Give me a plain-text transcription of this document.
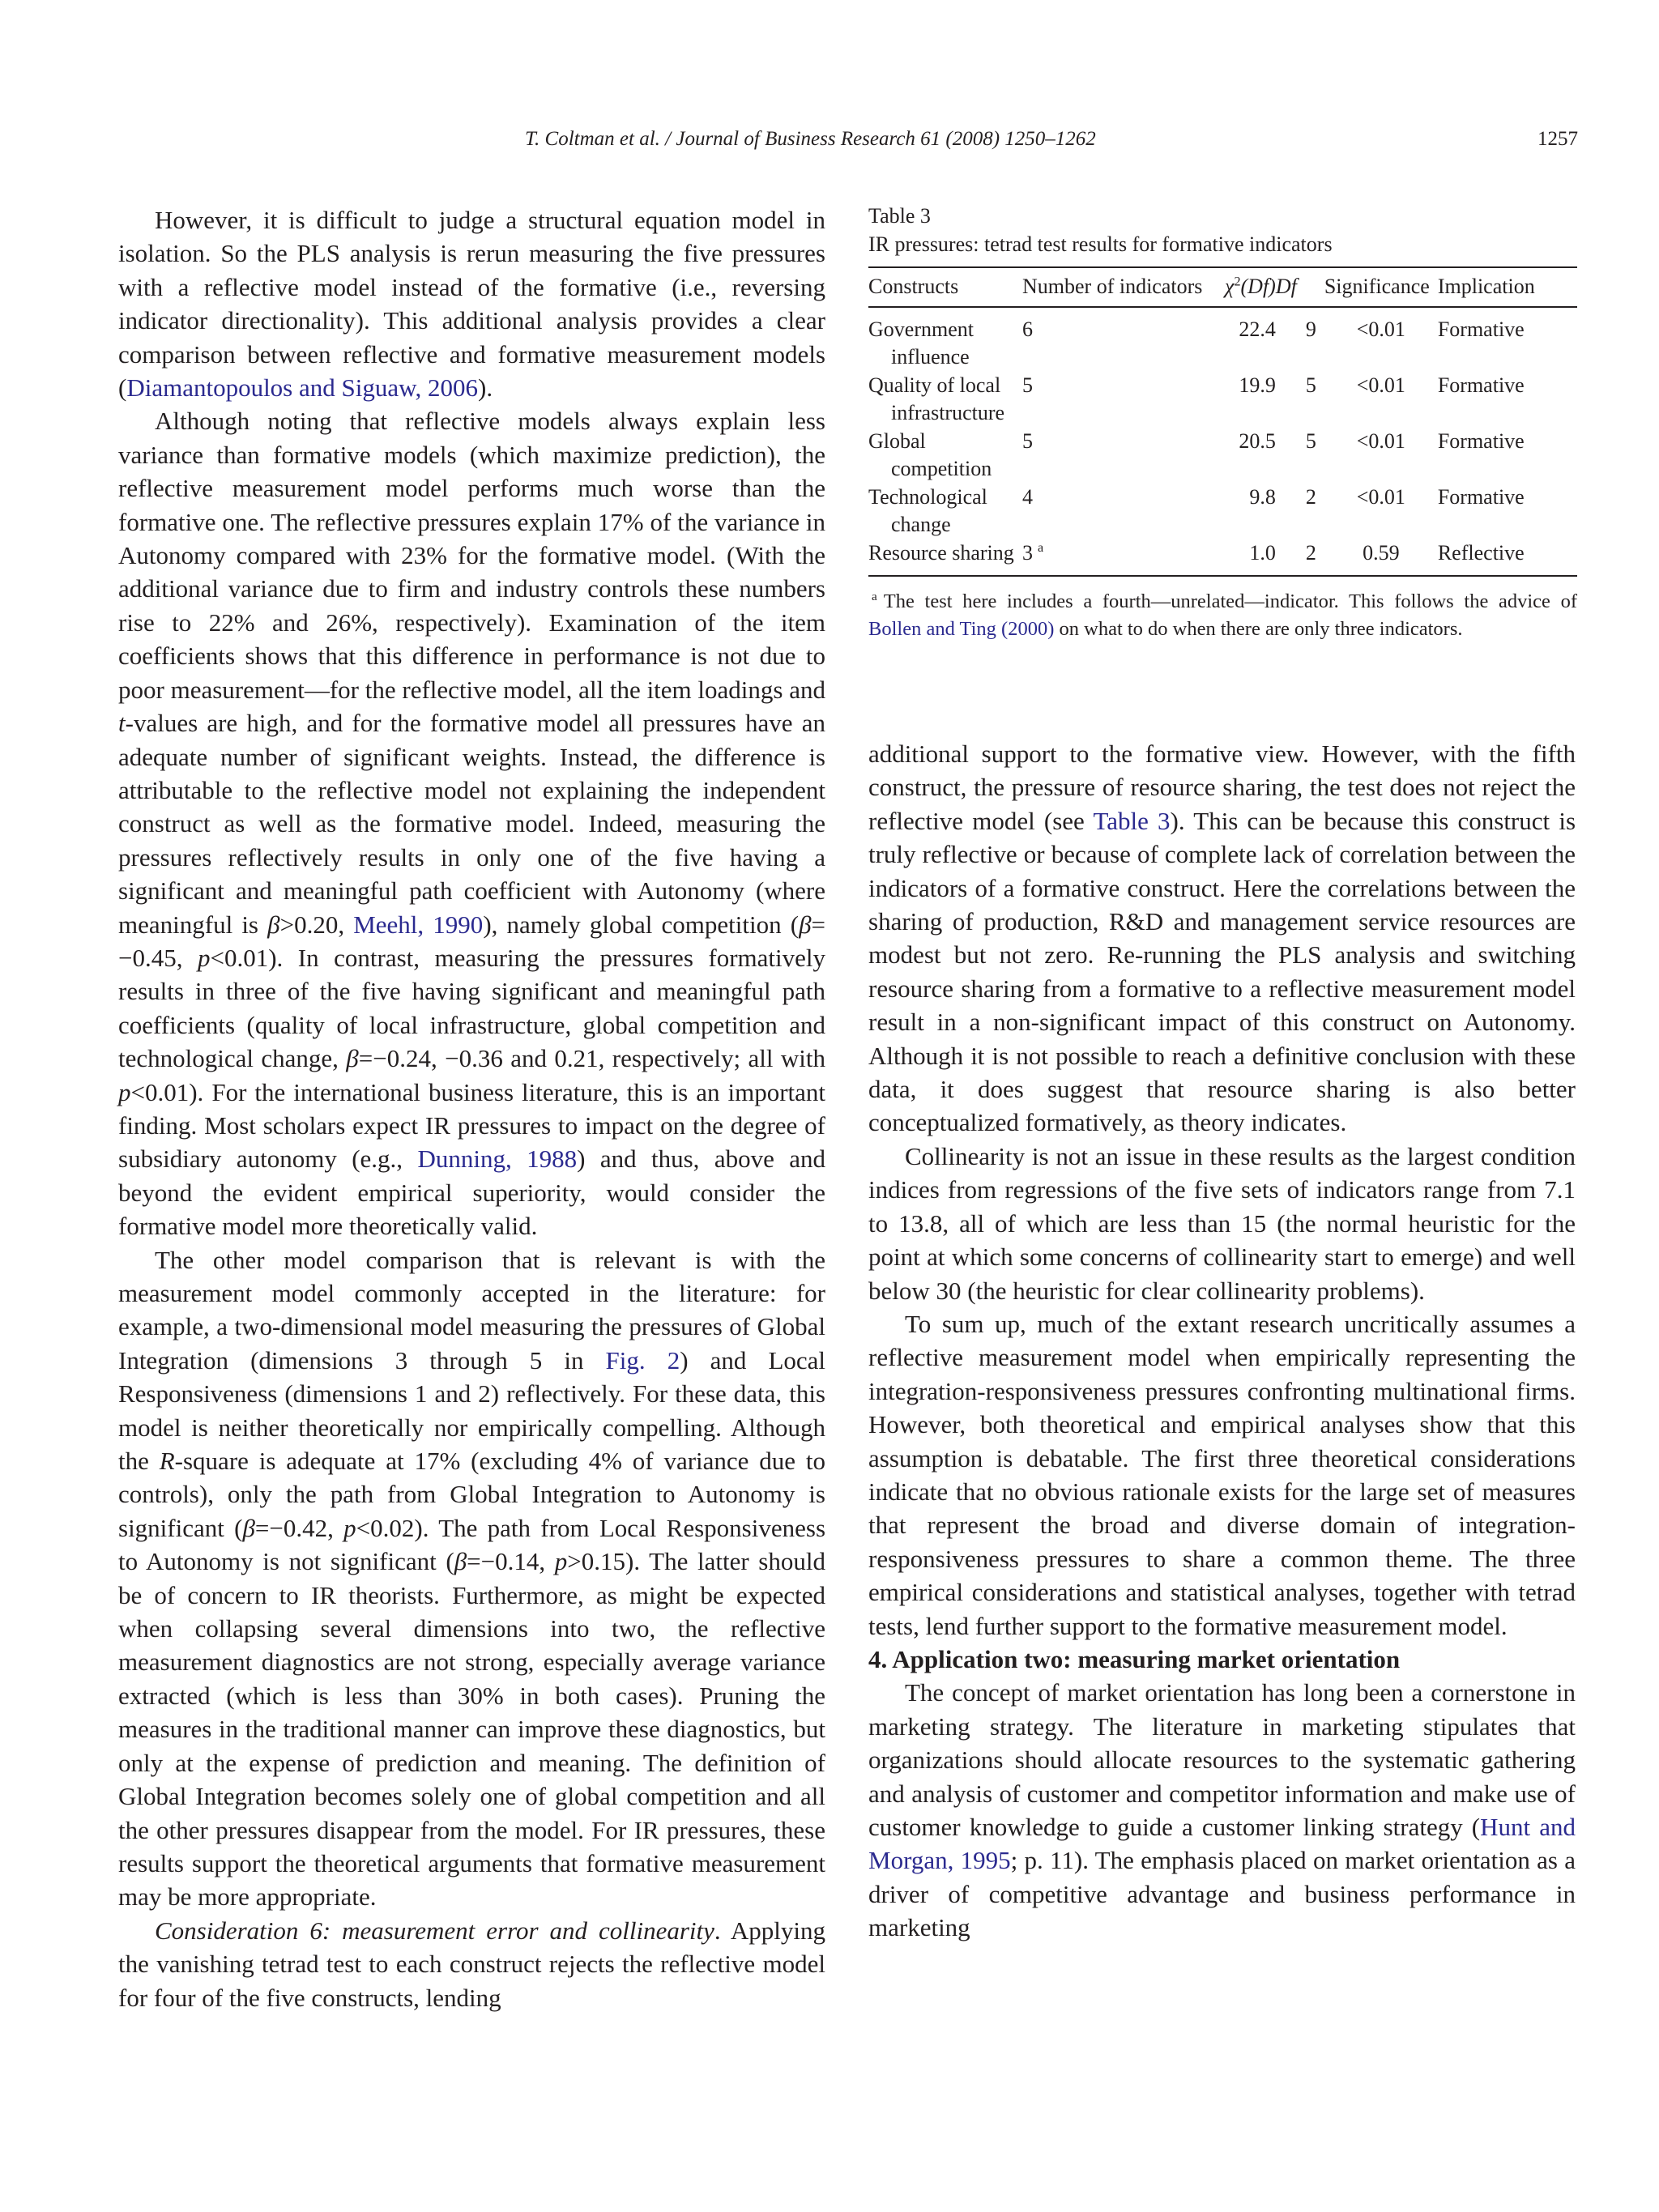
T. Coltman et al. / Journal of Business Research 61 (2008) 1250–1262	1257

However, it is difficult to judge a structural equation model in isolation. So the PLS analysis is rerun measuring the five pressures with a reflective model instead of the formative (i.e., reversing indicator directionality). This additional analysis provides a clear comparison between reflective and formative measurement models (Diamantopoulos and Siguaw, 2006).

Although noting that reflective models always explain less variance than formative models (which maximize prediction), the reflective measurement model performs much worse than the formative one. The reflective pressures explain 17% of the variance in Autonomy compared with 23% for the formative model. (With the additional variance due to firm and industry controls these numbers rise to 22% and 26%, respectively). Examination of the item coefficients shows that this difference in performance is not due to poor measurement—for the reflective model, all the item loadings and t-values are high, and for the formative model all pressures have an adequate number of significant weights. Instead, the difference is attributable to the reflective model not explaining the independent construct as well as the formative model. Indeed, measuring the pressures reflectively results in only one of the five having a significant and meaningful path coefficient with Autonomy (where meaningful is β>0.20, Meehl, 1990), namely global competition (β= −0.45, p<0.01). In contrast, measuring the pressures formatively results in three of the five having significant and meaningful path coefficients (quality of local infrastructure, global competition and technological change, β=−0.24, −0.36 and 0.21, respectively; all with p<0.01). For the international business literature, this is an important finding. Most scholars expect IR pressures to impact on the degree of subsidiary autonomy (e.g., Dunning, 1988) and thus, above and beyond the evident empirical superiority, would consider the formative model more theoretically valid.

The other model comparison that is relevant is with the measurement model commonly accepted in the literature: for example, a two-dimensional model measuring the pressures of Global Integration (dimensions 3 through 5 in Fig. 2) and Local Responsiveness (dimensions 1 and 2) reflectively. For these data, this model is neither theoretically nor empirically compelling. Although the R-square is adequate at 17% (excluding 4% of variance due to controls), only the path from Global Integration to Autonomy is significant (β=−0.42, p<0.02). The path from Local Responsiveness to Autonomy is not significant (β=−0.14, p>0.15). The latter should be of concern to IR theorists. Furthermore, as might be expected when collapsing several dimensions into two, the reflective measurement diagnostics are not strong, especially average variance extracted (which is less than 30% in both cases). Pruning the measures in the traditional manner can improve these diagnostics, but only at the expense of prediction and meaning. The definition of Global Integration becomes solely one of global competition and all the other pressures disappear from the model. For IR pressures, these results support the theoretical arguments that formative measurement may be more appropriate.

Consideration 6: measurement error and collinearity. Applying the vanishing tetrad test to each construct rejects the reflective model for four of the five constructs, lending

Table 3

IR pressures: tetrad test results for formative indicators

Constructs	Number of indicators	$\chi^2(Df)$	Df	Significance	Implication

Government influence	6	22.4	9	<0.01	Formative

Quality of local infrastructure	5	19.9	5	<0.01	Formative

Global competition	5	20.5	5	<0.01	Formative

Technological change	4	9.8	2	<0.01	Formative

Resource sharing	3 $^a$	1.0	2	0.59	Reflective
$^a$ The test here includes a fourth—unrelated—indicator. This follows the advice of Bollen and Ting (2000) on what to do when there are only three indicators.

additional support to the formative view. However, with the fifth construct, the pressure of resource sharing, the test does not reject the reflective model (see Table 3). This can be because this construct is truly reflective or because of complete lack of correlation between the indicators of a formative construct. Here the correlations between the sharing of production, R&D and management service resources are modest but not zero. Re-running the PLS analysis and switching resource sharing from a formative to a reflective measurement model result in a non-significant impact of this construct on Autonomy. Although it is not possible to reach a definitive conclusion with these data, it does suggest that resource sharing is also better conceptualized formatively, as theory indicates.

Collinearity is not an issue in these results as the largest condition indices from regressions of the five sets of indicators range from 7.1 to 13.8, all of which are less than 15 (the normal heuristic for the point at which some concerns of collinearity start to emerge) and well below 30 (the heuristic for clear collinearity problems).

To sum up, much of the extant research uncritically assumes a reflective measurement model when empirically representing the integration-responsiveness pressures confronting multinational firms. However, both theoretical and empirical analyses show that this assumption is debatable. The first three theoretical considerations indicate that no obvious rationale exists for the large set of measures that represent the broad and diverse domain of integration-responsiveness pressures to share a common theme. The three empirical considerations and statistical analyses, together with tetrad tests, lend further support to the formative measurement model.

4. Application two: measuring market orientation

The concept of market orientation has long been a cornerstone in marketing strategy. The literature in marketing stipulates that organizations should allocate resources to the systematic gathering and analysis of customer and competitor information and make use of customer knowledge to guide a customer linking strategy (Hunt and Morgan, 1995; p. 11). The emphasis placed on market orientation as a driver of competitive advantage and business performance in marketing
